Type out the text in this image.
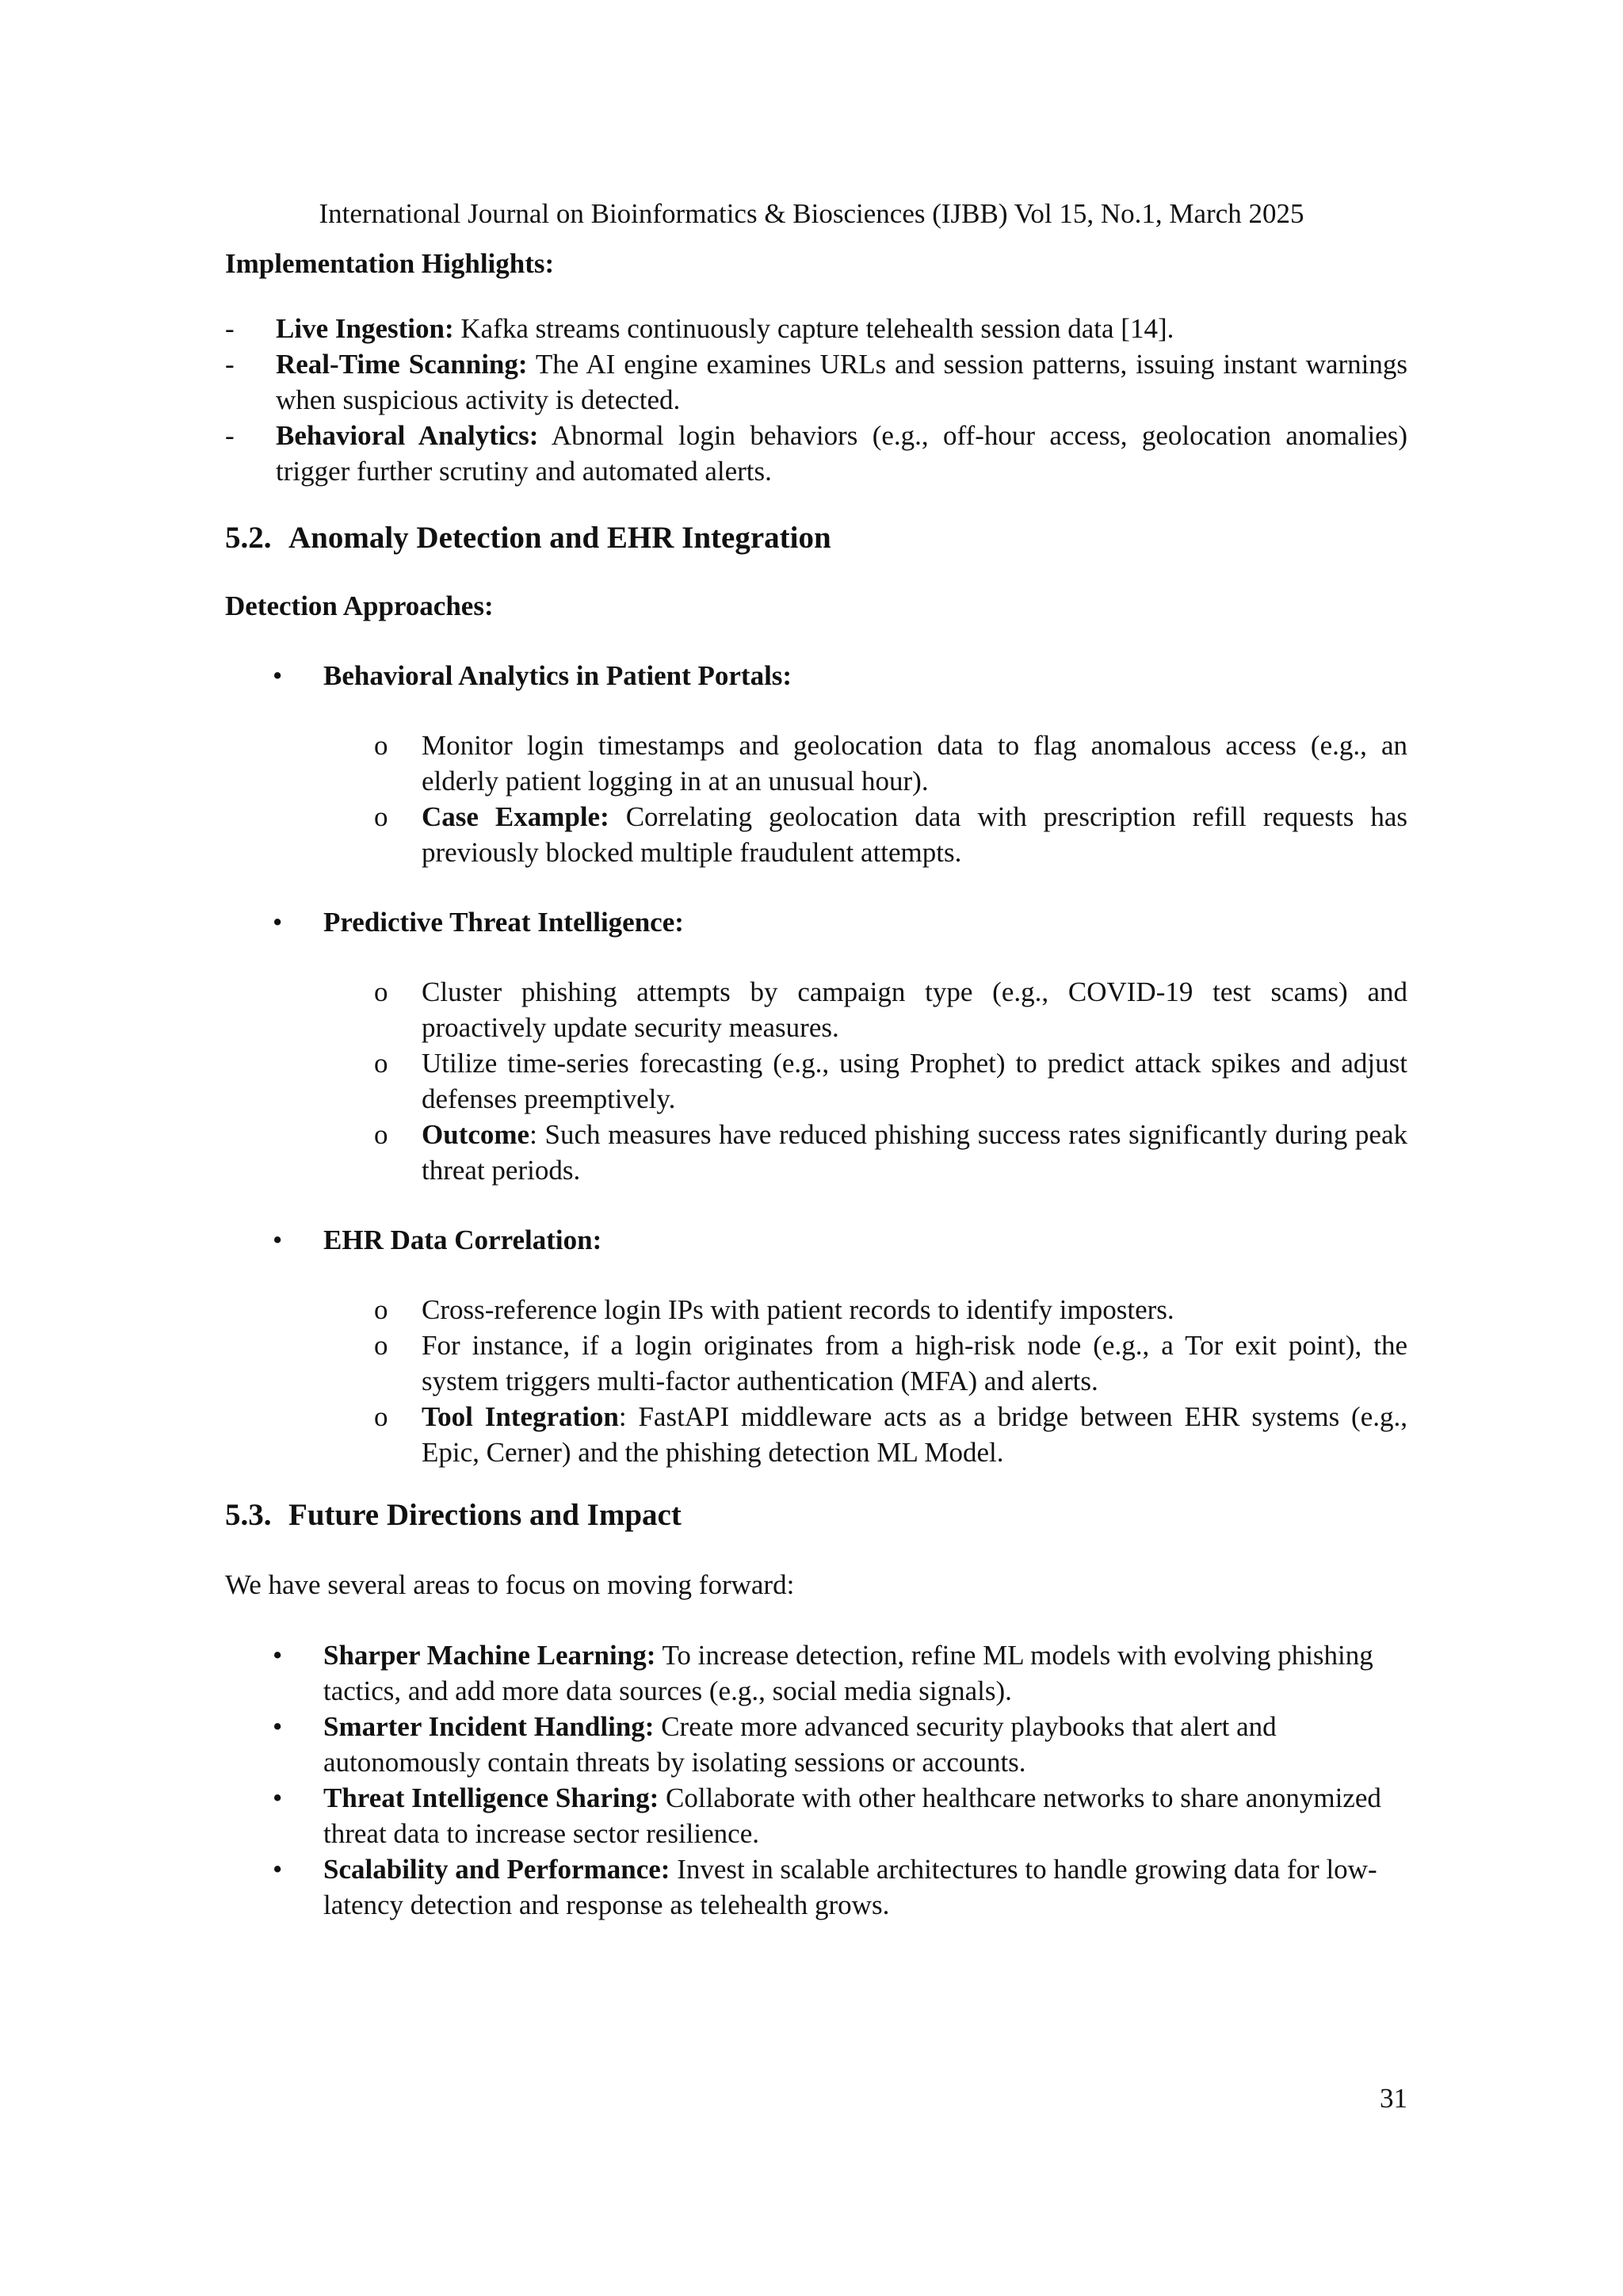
International Journal on Bioinformatics & Biosciences (IJBB) Vol 15, No.1, March 2025

Implementation Highlights:

- Live Ingestion: Kafka streams continuously capture telehealth session data [14].
- Real-Time Scanning: The AI engine examines URLs and session patterns, issuing instant warnings when suspicious activity is detected.
- Behavioral Analytics: Abnormal login behaviors (e.g., off-hour access, geolocation anomalies) trigger further scrutiny and automated alerts.

5.2. Anomaly Detection and EHR Integration

Detection Approaches:

• Behavioral Analytics in Patient Portals:

o Monitor login timestamps and geolocation data to flag anomalous access (e.g., an elderly patient logging in at an unusual hour).
o Case Example: Correlating geolocation data with prescription refill requests has previously blocked multiple fraudulent attempts.

• Predictive Threat Intelligence:

o Cluster phishing attempts by campaign type (e.g., COVID-19 test scams) and proactively update security measures.
o Utilize time-series forecasting (e.g., using Prophet) to predict attack spikes and adjust defenses preemptively.
o Outcome: Such measures have reduced phishing success rates significantly during peak threat periods.

• EHR Data Correlation:

o Cross-reference login IPs with patient records to identify imposters.
o For instance, if a login originates from a high-risk node (e.g., a Tor exit point), the system triggers multi-factor authentication (MFA) and alerts.
o Tool Integration: FastAPI middleware acts as a bridge between EHR systems (e.g., Epic, Cerner) and the phishing detection ML Model.

5.3. Future Directions and Impact

We have several areas to focus on moving forward:

• Sharper Machine Learning: To increase detection, refine ML models with evolving phishing tactics, and add more data sources (e.g., social media signals).
• Smarter Incident Handling: Create more advanced security playbooks that alert and autonomously contain threats by isolating sessions or accounts.
• Threat Intelligence Sharing: Collaborate with other healthcare networks to share anonymized threat data to increase sector resilience.
• Scalability and Performance: Invest in scalable architectures to handle growing data for low-latency detection and response as telehealth grows.
31
